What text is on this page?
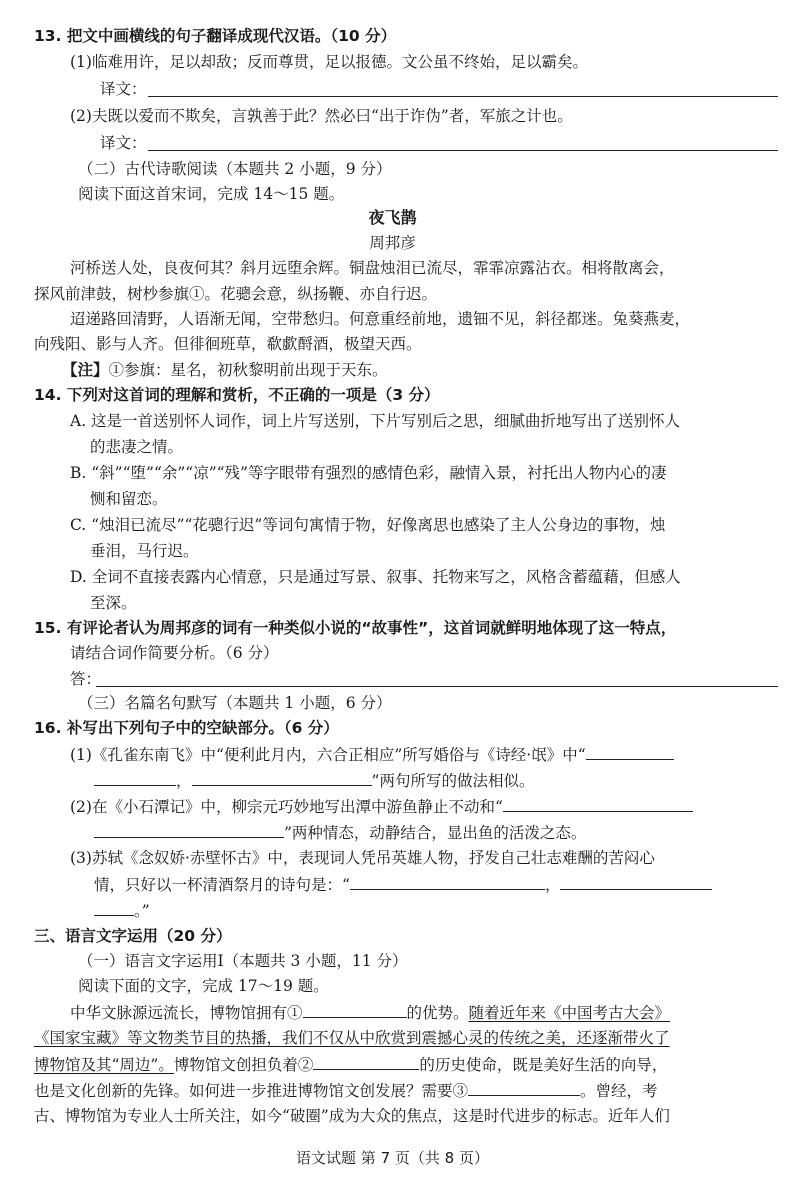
13. 把文中画横线的句子翻译成现代汉语。（10 分）
(1)临难用许，足以却敌；反而尊贯，足以报德。文公虽不终始，足以霸矣。
译文：
(2)夫既以爱而不欺矣，言孰善于此？然必曰“出于诈伪”者，军旅之计也。
译文：
（二）古代诗歌阅读（本题共 2 小题，9 分）
阅读下面这首宋词，完成 14～15 题。
夜飞鹊
周邦彦
河桥送人处，良夜何其？斜月远堕余辉。铜盘烛泪已流尽，霏霏凉露沾衣。相将散离会，
探风前津鼓，树杪参旗①。花骢会意，纵扬鞭、亦自行迟。
迢递路回清野，人语渐无闻，空带愁归。何意重经前地，遗钿不见，斜径都迷。兔葵燕麦，
向残阳、影与人齐。但徘徊班草，欷歔酹酒，极望天西。
【注】①参旗：星名，初秋黎明前出现于天东。
14. 下列对这首词的理解和赏析，不正确的一项是（3 分）
A. 这是一首送别怀人词作，词上片写送别，下片写别后之思，细腻曲折地写出了送别怀人
的悲凄之情。
B. “斜”“堕”“余”“凉”“残”等字眼带有强烈的感情色彩，融情入景，衬托出人物内心的凄
恻和留恋。
C. “烛泪已流尽”“花骢行迟”等词句寓情于物，好像离思也感染了主人公身边的事物，烛
垂泪，马行迟。
D. 全词不直接表露内心情意，只是通过写景、叙事、托物来写之，风格含蓄蕴藉，但感人
至深。
15. 有评论者认为周邦彦的词有一种类似小说的“故事性”，这首词就鲜明地体现了这一特点，
请结合词作简要分析。（6 分）
答：
（三）名篇名句默写（本题共 1 小题，6 分）
16. 补写出下列句子中的空缺部分。（6 分）
(1)《孔雀东南飞》中“便利此月内，六合正相应”所写婚俗与《诗经·氓》中“
，	”两句所写的做法相似。
(2)在《小石潭记》中，柳宗元巧妙地写出潭中游鱼静止不动和“
”两种情态，动静结合，显出鱼的活泼之态。
(3)苏轼《念奴娇·赤壁怀古》中，表现词人凭吊英雄人物，抒发自己壮志难酬的苦闷心
情，只好以一杯清酒祭月的诗句是：“	，
。”
三、语言文字运用（20 分）
（一）语言文字运用Ⅰ（本题共 3 小题，11 分）
阅读下面的文字，完成 17～19 题。
中华文脉源远流长，博物馆拥有①	的优势。随着近年来《中国考古大会》
《国家宝藏》等文物类节目的热播，我们不仅从中欣赏到震撼心灵的传统之美，还逐渐带火了
博物馆及其“周边”。博物馆文创担负着②	的历史使命，既是美好生活的向导，
也是文化创新的先锋。如何进一步推进博物馆文创发展？需要③	。曾经，考
古、博物馆为专业人士所关注，如今“破圈”成为大众的焦点，这是时代进步的标志。近年人们
语文试题 第 7 页（共 8 页）
